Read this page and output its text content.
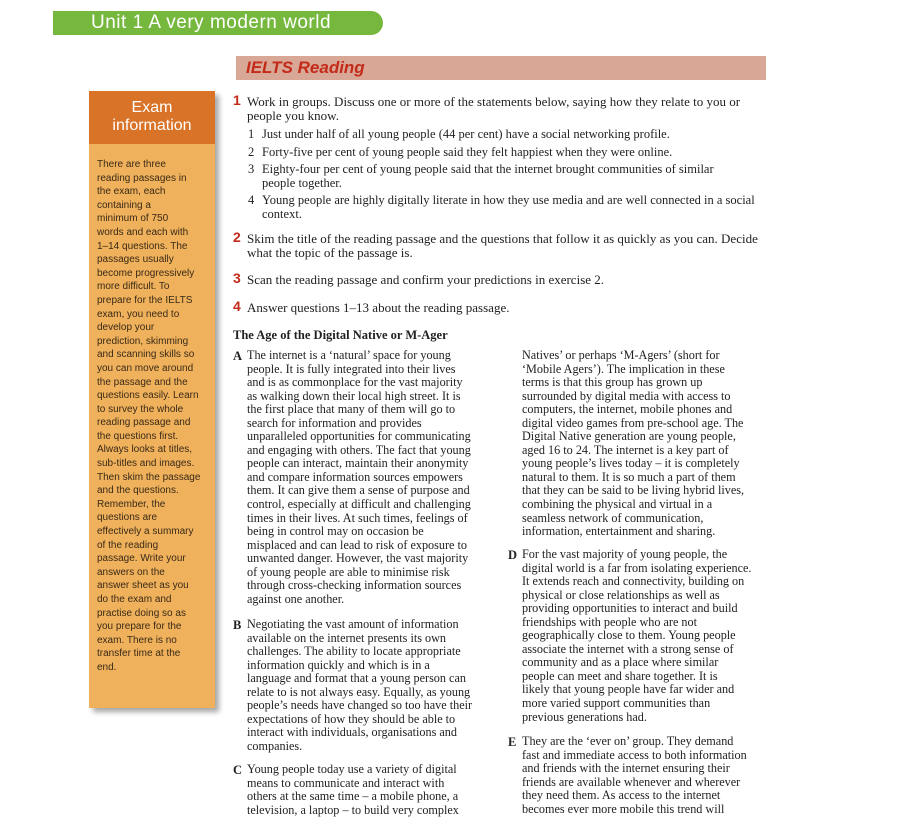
Unit 1 A very modern world
IELTS Reading
Exam
information
There are three
reading passages in
the exam, each
containing a
minimum of 750
words and each with
1–14 questions. The
passages usually
become progressively
more difficult. To
prepare for the IELTS
exam, you need to
develop your
prediction, skimming
and scanning skills so
you can move around
the passage and the
questions easily. Learn
to survey the whole
reading passage and
the questions first.
Always looks at titles,
sub-titles and images.
Then skim the passage
and the questions.
Remember, the
questions are
effectively a summary
of the reading
passage. Write your
answers on the
answer sheet as you
do the exam and
practise doing so as
you prepare for the
exam. There is no
transfer time at the
end.
1 Work in groups. Discuss one or more of the statements below, saying how they relate to you or people you know.
1 Just under half of all young people (44 per cent) have a social networking profile.
2 Forty-five per cent of young people said they felt happiest when they were online.
3 Eighty-four per cent of young people said that the internet brought communities of similar people together.
4 Young people are highly digitally literate in how they use media and are well connected in a social context.
2 Skim the title of the reading passage and the questions that follow it as quickly as you can. Decide what the topic of the passage is.
3 Scan the reading passage and confirm your predictions in exercise 2.
4 Answer questions 1–13 about the reading passage.
The Age of the Digital Native or M-Ager
A The internet is a ‘natural’ space for young
people. It is fully integrated into their lives
and is as commonplace for the vast majority
as walking down their local high street. It is
the first place that many of them will go to
search for information and provides
unparalleled opportunities for communicating
and engaging with others. The fact that young
people can interact, maintain their anonymity
and compare information sources empowers
them. It can give them a sense of purpose and
control, especially at difficult and challenging
times in their lives. At such times, feelings of
being in control may on occasion be
misplaced and can lead to risk of exposure to
unwanted danger. However, the vast majority
of young people are able to minimise risk
through cross-checking information sources
against one another.
B Negotiating the vast amount of information
available on the internet presents its own
challenges. The ability to locate appropriate
information quickly and which is in a
language and format that a young person can
relate to is not always easy. Equally, as young
people’s needs have changed so too have their
expectations of how they should be able to
interact with individuals, organisations and
companies.
C Young people today use a variety of digital
means to communicate and interact with
others at the same time – a mobile phone, a
television, a laptop – to build very complex
Natives’ or perhaps ‘M-Agers’ (short for
‘Mobile Agers’). The implication in these
terms is that this group has grown up
surrounded by digital media with access to
computers, the internet, mobile phones and
digital video games from pre-school age. The
Digital Native generation are young people,
aged 16 to 24. The internet is a key part of
young people’s lives today – it is completely
natural to them. It is so much a part of them
that they can be said to be living hybrid lives,
combining the physical and virtual in a
seamless network of communication,
information, entertainment and sharing.
D For the vast majority of young people, the
digital world is a far from isolating experience.
It extends reach and connectivity, building on
physical or close relationships as well as
providing opportunities to interact and build
friendships with people who are not
geographically close to them. Young people
associate the internet with a strong sense of
community and as a place where similar
people can meet and share together. It is
likely that young people have far wider and
more varied support communities than
previous generations had.
E They are the ‘ever on’ group. They demand
fast and immediate access to both information
and friends with the internet ensuring their
friends are available whenever and wherever
they need them. As access to the internet
becomes ever more mobile this trend will
